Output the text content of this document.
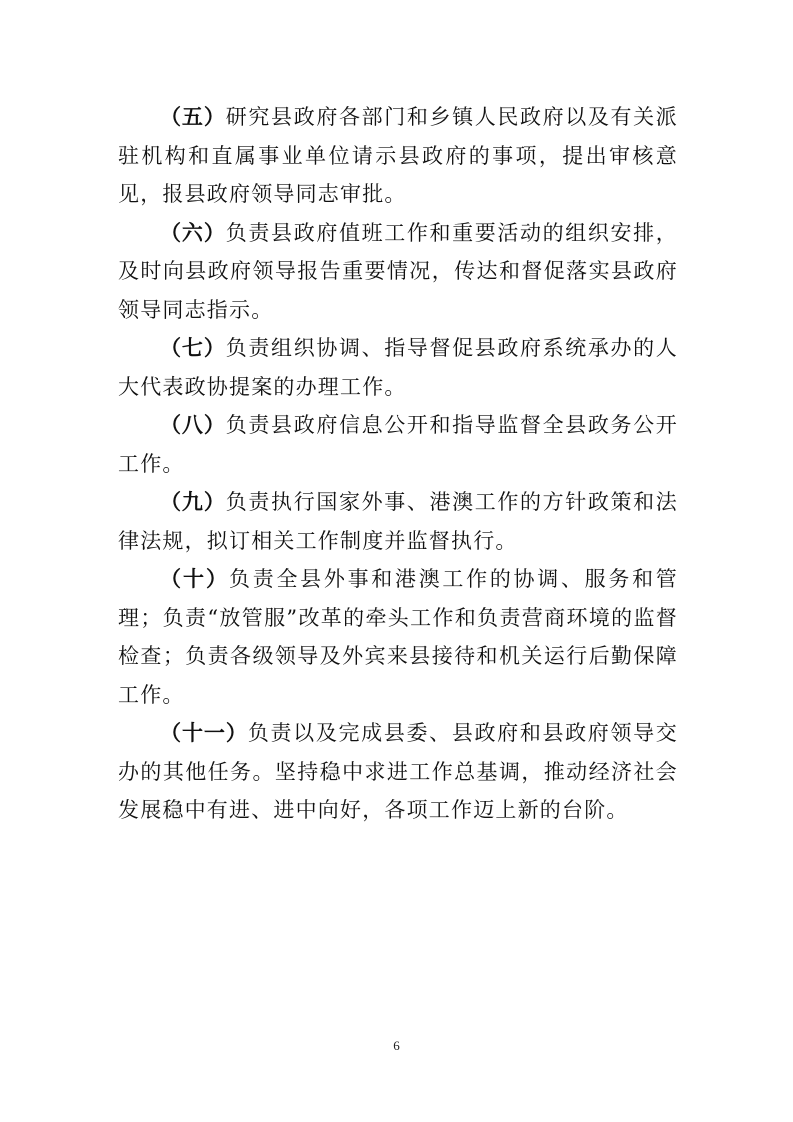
（五）研究县政府各部门和乡镇人民政府以及有关派驻机构和直属事业单位请示县政府的事项，提出审核意见，报县政府领导同志审批。

（六）负责县政府值班工作和重要活动的组织安排，及时向县政府领导报告重要情况，传达和督促落实县政府领导同志指示。

（七）负责组织协调、指导督促县政府系统承办的人大代表政协提案的办理工作。

（八）负责县政府信息公开和指导监督全县政务公开工作。

（九）负责执行国家外事、港澳工作的方针政策和法律法规，拟订相关工作制度并监督执行。

（十）负责全县外事和港澳工作的协调、服务和管理；负责“放管服”改革的牵头工作和负责营商环境的监督检查；负责各级领导及外宾来县接待和机关运行后勤保障工作。

（十一）负责以及完成县委、县政府和县政府领导交办的其他任务。坚持稳中求进工作总基调，推动经济社会发展稳中有进、进中向好，各项工作迈上新的台阶。

6
